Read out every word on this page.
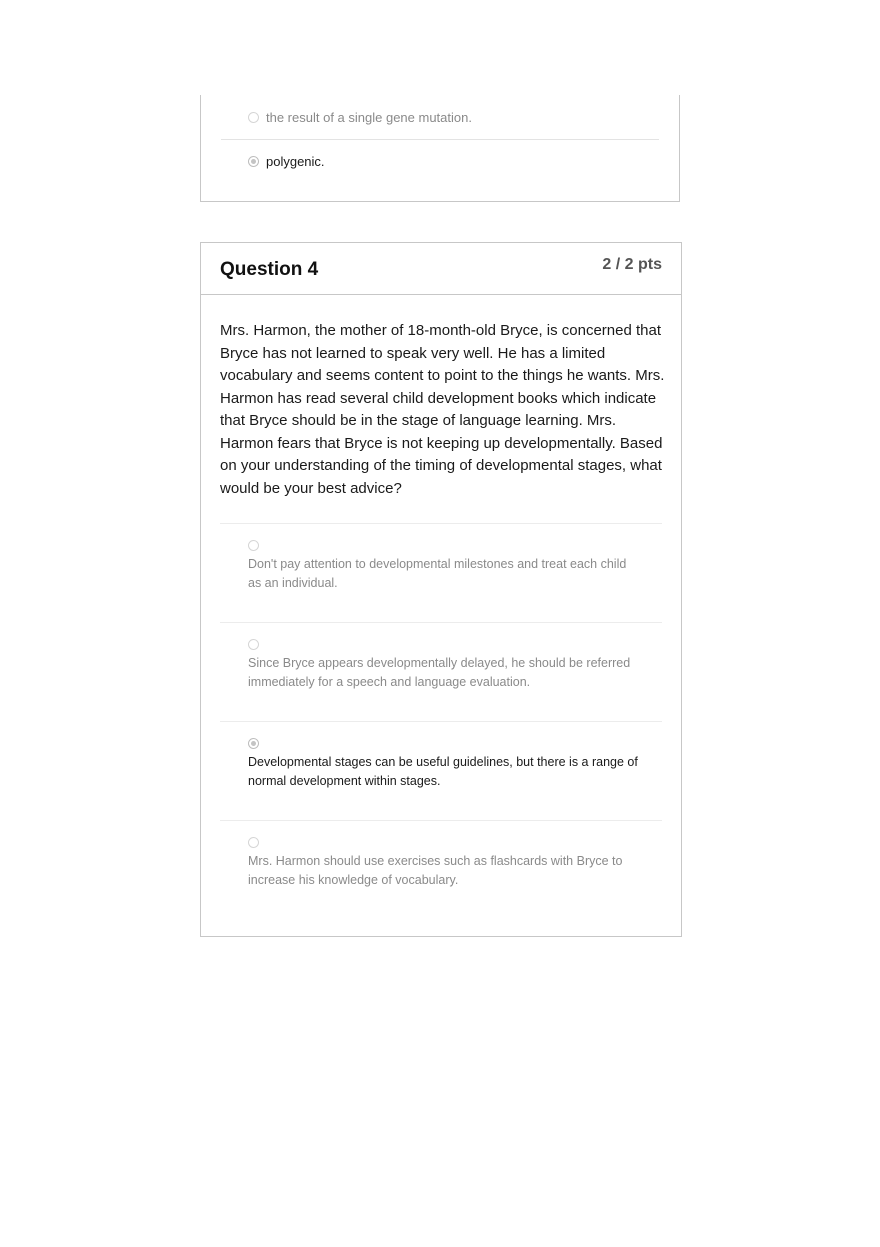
the result of a single gene mutation.
polygenic.
Question 4	2 / 2 pts
Mrs. Harmon, the mother of 18-month-old Bryce, is concerned that Bryce has not learned to speak very well. He has a limited vocabulary and seems content to point to the things he wants. Mrs. Harmon has read several child development books which indicate that Bryce should be in the stage of language learning. Mrs. Harmon fears that Bryce is not keeping up developmentally. Based on your understanding of the timing of developmental stages, what would be your best advice?
Don't pay attention to developmental milestones and treat each child as an individual.
Since Bryce appears developmentally delayed, he should be referred immediately for a speech and language evaluation.
Developmental stages can be useful guidelines, but there is a range of normal development within stages.
Mrs. Harmon should use exercises such as flashcards with Bryce to increase his knowledge of vocabulary.
